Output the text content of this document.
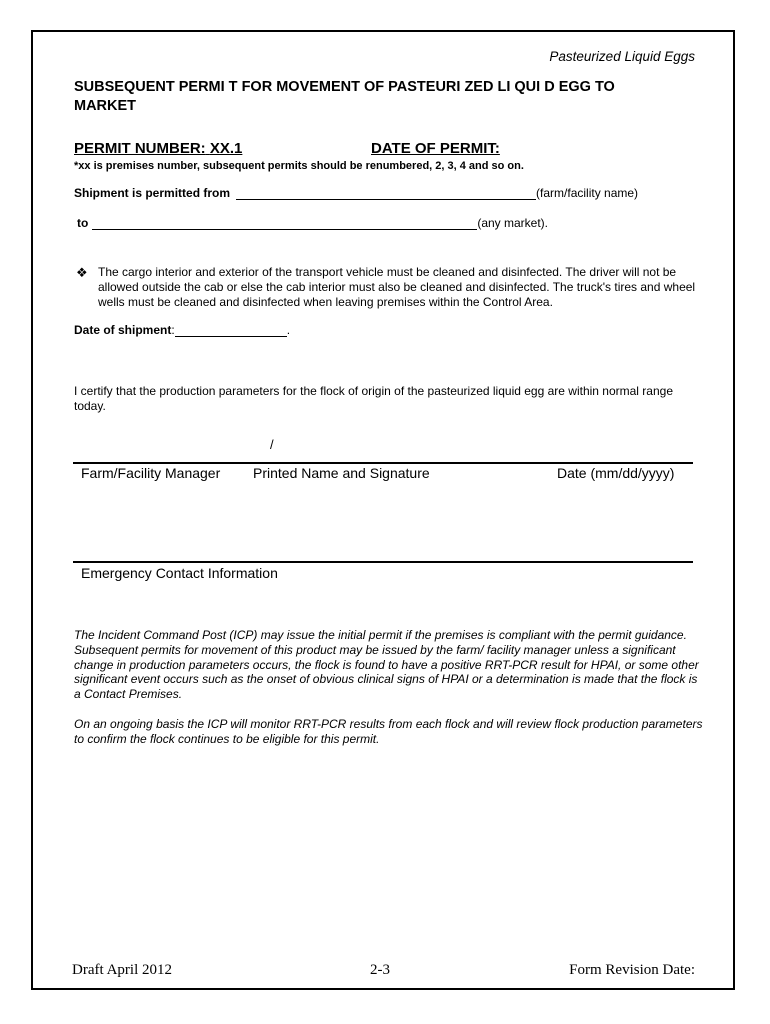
Pasteurized Liquid Eggs
SUBSEQUENT PERMI T FOR MOVEMENT OF PASTEURI ZED LI QUI D EGG TO MARKET
PERMIT NUMBER: XX.1	DATE OF PERMIT:
*xx is premises number, subsequent permits should be renumbered, 2, 3, 4 and so on.
Shipment is permitted from	(farm/facility name)
to	(any market).
❖ The cargo interior and exterior of the transport vehicle must be cleaned and disinfected. The driver will not be allowed outside the cab or else the cab interior must also be cleaned and disinfected. The truck's tires and wheel wells must be cleaned and disinfected when leaving premises within the Control Area.
Date of shipment :	.
I certify that the production parameters for the flock of origin of the pasteurized liquid egg are within normal range today.
/
Farm/Facility Manager Printed Name and Signature	Date (mm/dd/yyyy)
Emergency Contact Information
The Incident Command Post (ICP) may issue the initial permit if the premises is compliant with the permit guidance. Subsequent permits for movement of this product may be issued by the farm/ facility manager unless a significant change in production parameters occurs, the flock is found to have a positive RRT-PCR result for HPAI, or some other significant event occurs such as the onset of obvious clinical signs of HPAI or a determination is made that the flock is a Contact Premises.
On an ongoing basis the ICP will monitor RRT-PCR results from each flock and will review flock production parameters to confirm the flock continues to be eligible for this permit.
Draft April 2012	2-3	Form Revision Date:
